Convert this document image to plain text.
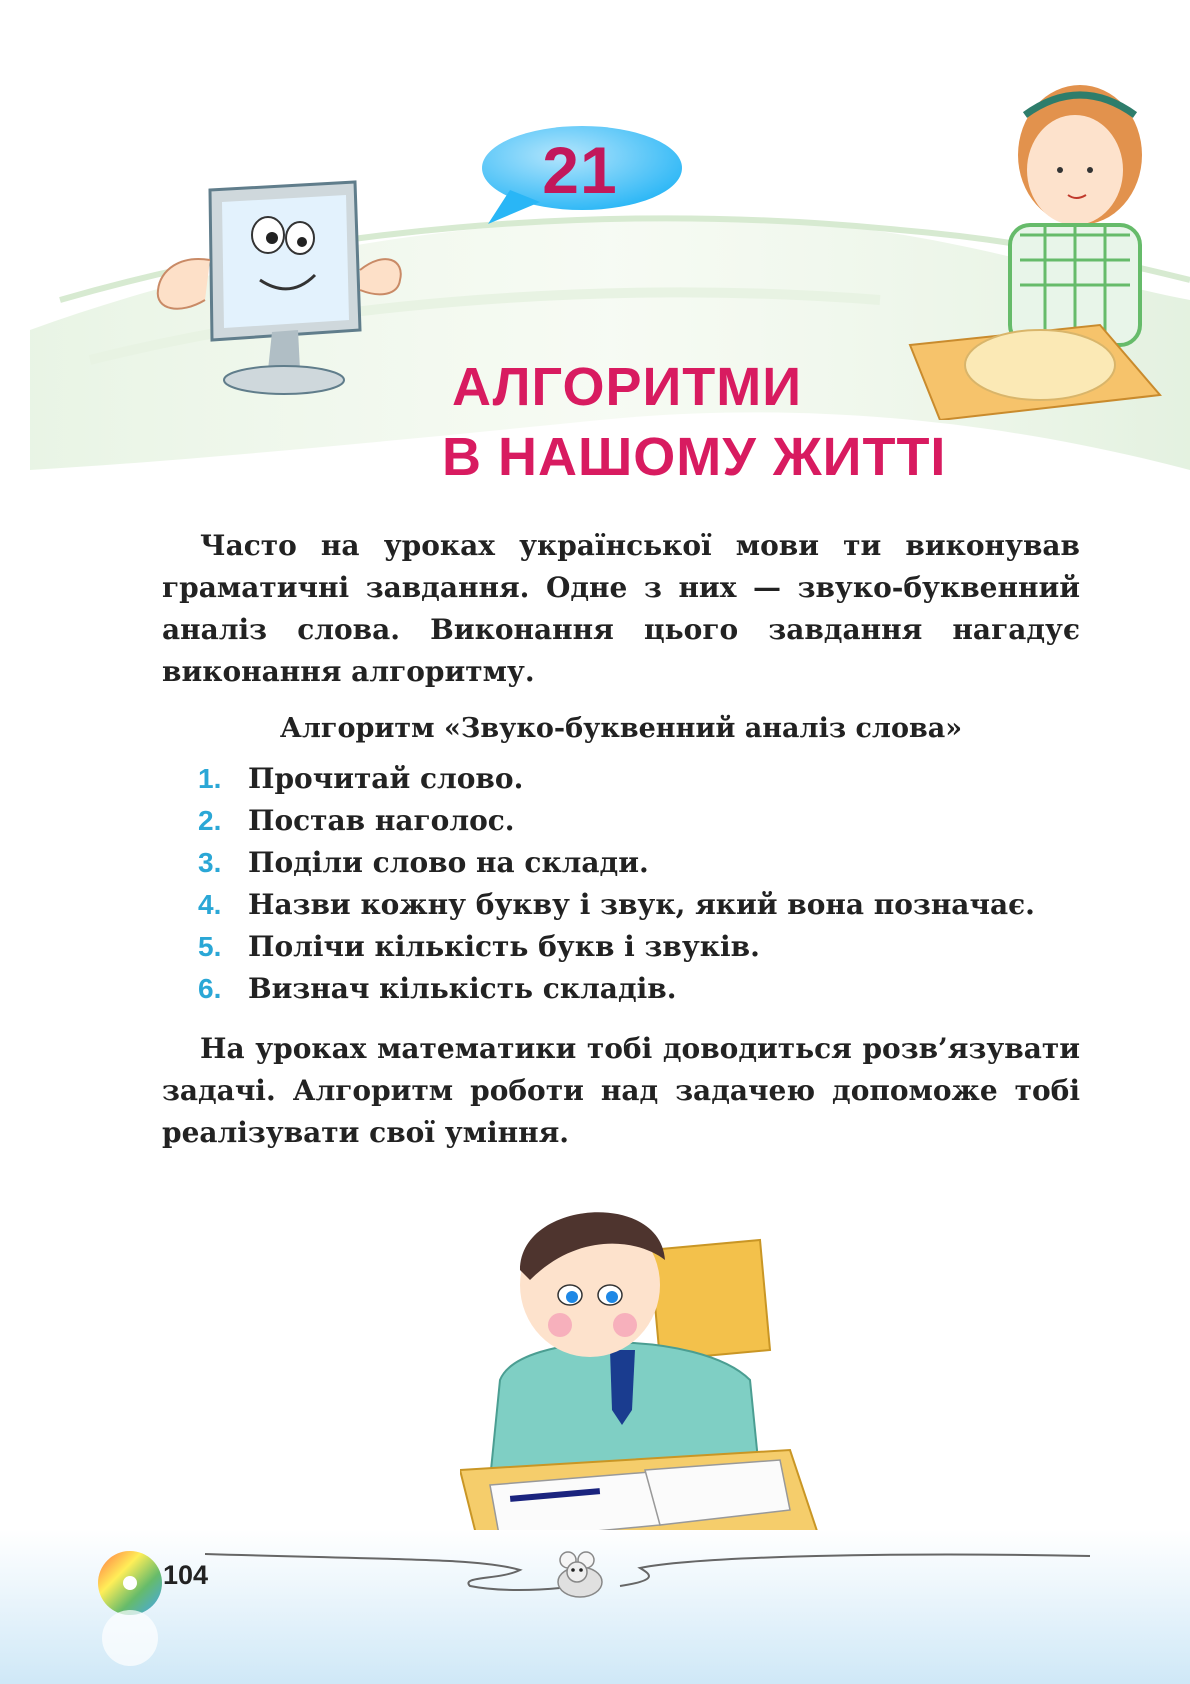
21
АЛГОРИТМИ
В НАШОМУ ЖИТТІ

Часто на уроках української мови ти виконував граматичні завдання. Одне з них — звуко-буквенний аналіз слова. Виконання цього завдання нагадує виконання алгоритму.

Алгоритм «Звуко-буквенний аналіз слова»
1. Прочитай слово.
2. Постав наголос.
3. Поділи слово на склади.
4. Назви кожну букву і звук, який вона позначає.
5. Полічи кількість букв і звуків.
6. Визнач кількість складів.

На уроках математики тобі доводиться розв’язувати задачі. Алгоритм роботи над задачею допоможе тобі реалізувати свої уміння.

104
